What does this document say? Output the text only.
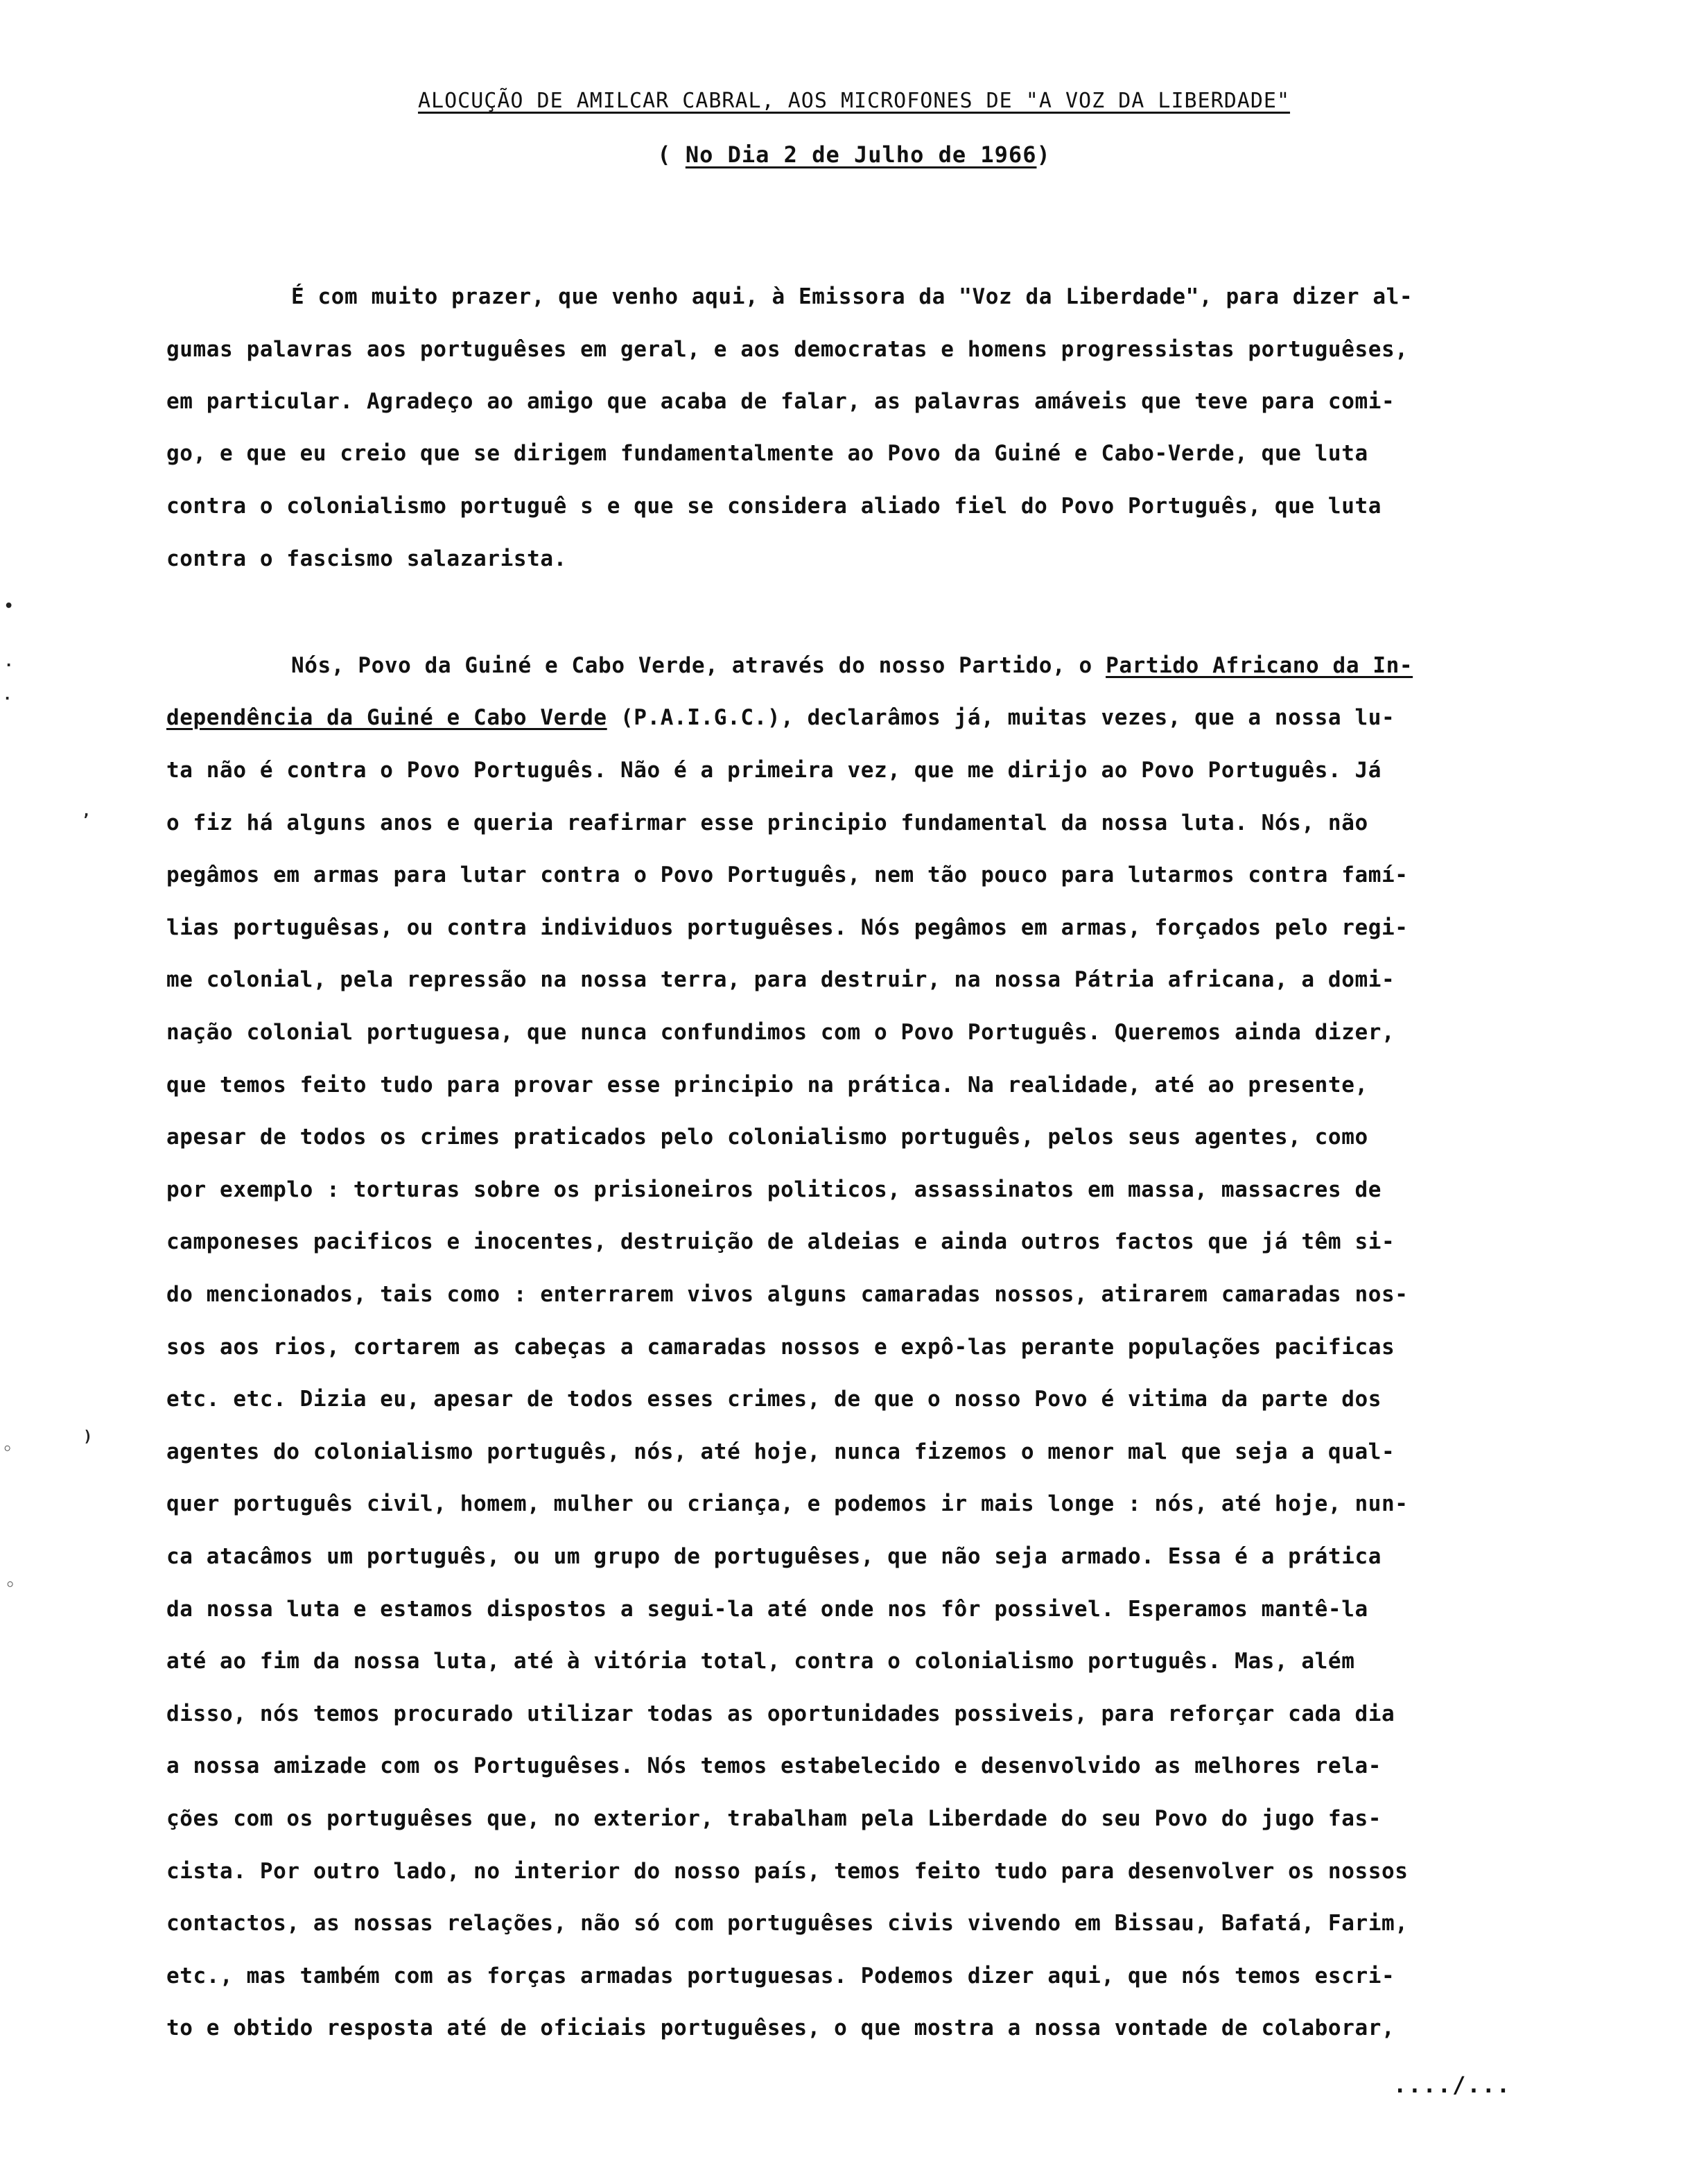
ALOCUÇÃO DE AMILCAR CABRAL, AOS MICROFONES DE "A VOZ DA LIBERDADE"
( No Dia 2 de Julho de 1966)
É com muito prazer, que venho aqui, à Emissora da "Voz da Liberdade", para dizer al-
gumas palavras aos portuguêses em geral, e aos democratas e homens progressistas portuguêses,
em particular. Agradeço ao amigo que acaba de falar, as palavras amáveis que teve para comi-
go, e que eu creio que se dirigem fundamentalmente ao Povo da Guiné e Cabo-Verde, que luta
contra o colonialismo portuguê s e que se considera aliado fiel do Povo Português, que luta
contra o fascismo salazarista.
Nós, Povo da Guiné e Cabo Verde, através do nosso Partido, o Partido Africano da In-
dependência da Guiné e Cabo Verde (P.A.I.G.C.), declarâmos já, muitas vezes, que a nossa lu-
ta não é contra o Povo Português. Não é a primeira vez, que me dirijo ao Povo Português. Já
o fiz há alguns anos e queria reafirmar esse principio fundamental da nossa luta. Nós, não
pegâmos em armas para lutar contra o Povo Português, nem tão pouco para lutarmos contra famí-
lias portuguêsas, ou contra individuos portuguêses. Nós pegâmos em armas, forçados pelo regi-
me colonial, pela repressão na nossa terra, para destruir, na nossa Pátria africana, a domi-
nação colonial portuguesa, que nunca confundimos com o Povo Português. Queremos ainda dizer,
que temos feito tudo para provar esse principio na prática. Na realidade, até ao presente,
apesar de todos os crimes praticados pelo colonialismo português, pelos seus agentes, como
por exemplo : torturas sobre os prisioneiros politicos, assassinatos em massa, massacres de
camponeses pacificos e inocentes, destruição de aldeias e ainda outros factos que já têm si-
do mencionados, tais como : enterrarem vivos alguns camaradas nossos, atirarem camaradas nos-
sos aos rios, cortarem as cabeças a camaradas nossos e expô-las perante populações pacificas
etc. etc. Dizia eu, apesar de todos esses crimes, de que o nosso Povo é vitima da parte dos
agentes do colonialismo português, nós, até hoje, nunca fizemos o menor mal que seja a qual-
quer português civil, homem, mulher ou criança, e podemos ir mais longe : nós, até hoje, nun-
ca atacâmos um português, ou um grupo de portuguêses, que não seja armado. Essa é a prática
da nossa luta e estamos dispostos a segui-la até onde nos fôr possivel. Esperamos mantê-la
até ao fim da nossa luta, até à vitória total, contra o colonialismo português. Mas, além
disso, nós temos procurado utilizar todas as oportunidades possiveis, para reforçar cada dia
a nossa amizade com os Portuguêses. Nós temos estabelecido e desenvolvido as melhores rela-
ções com os portuguêses que, no exterior, trabalham pela Liberdade do seu Povo do jugo fas-
cista. Por outro lado, no interior do nosso país, temos feito tudo para desenvolver os nossos
contactos, as nossas relações, não só com portuguêses civis vivendo em Bissau, Bafatá, Farim,
etc., mas também com as forças armadas portuguesas. Podemos dizer aqui, que nós temos escri-
to e obtido resposta até de oficiais portuguêses, o que mostra a nossa vontade de colaborar,
•
·
·
,
)
◦
◦
..../...
